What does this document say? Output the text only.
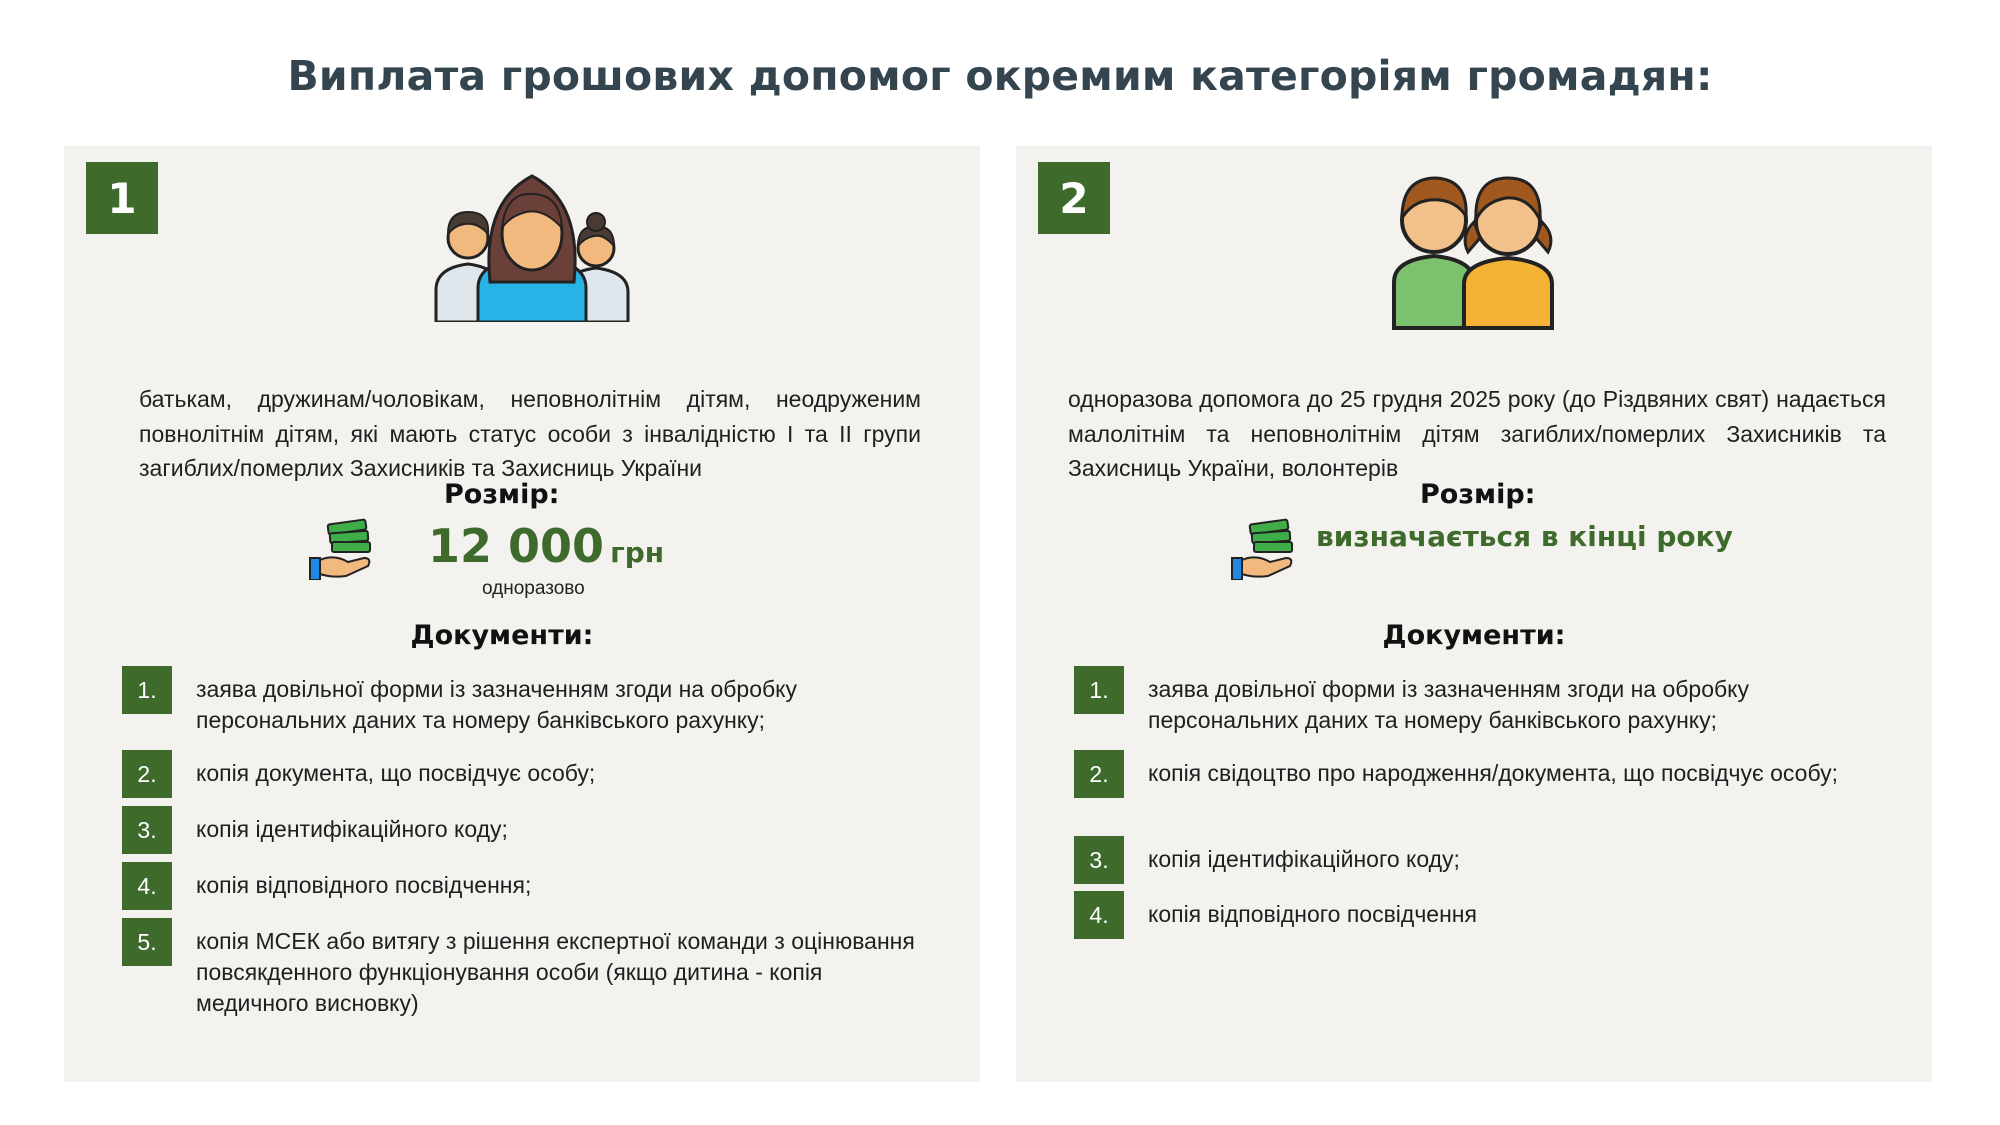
Виплата грошових допомог окремим категоріям громадян:
1
батькам, дружинам/чоловікам, неповнолітнім дітям, неодруженим повнолітнім дітям, які мають статус особи з інвалідністю І та ІІ групи загиблих/померлих Захисників та Захисниць України
Розмір:
12 000 грн
одноразово
Документи:
1.	заява довільної форми із зазначенням згоди на обробку персональних даних та номеру банківського рахунку;
2.	копія документа, що посвідчує особу;
3.	копія ідентифікаційного коду;
4.	копія відповідного посвідчення;
5.	копія МСЕК або витягу з рішення експертної команди з оцінювання повсякденного функціонування особи (якщо дитина - копія медичного висновку)
2
одноразова допомога до 25 грудня 2025 року (до Різдвяних свят) надається малолітнім та неповнолітнім дітям загиблих/померлих Захисників та Захисниць України, волонтерів
Розмір:
визначається в кінці року
Документи:
1.	заява довільної форми із зазначенням згоди на обробку персональних даних та номеру банківського рахунку;
2.	копія свідоцтво про народження/документа, що посвідчує особу;
3.	копія ідентифікаційного коду;
4.	копія відповідного посвідчення
